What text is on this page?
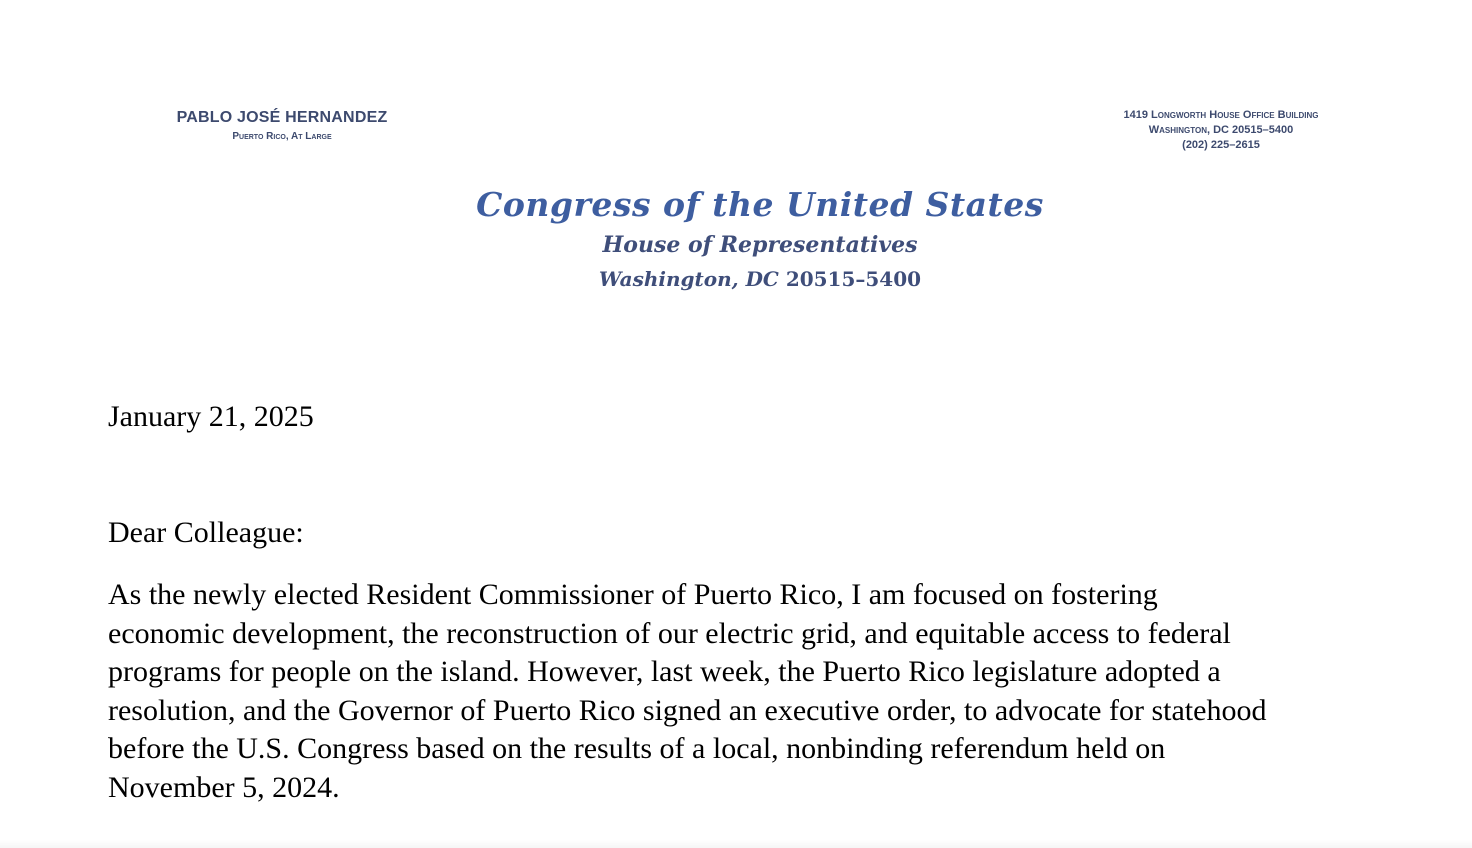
PABLO JOSÉ HERNANDEZ
Puerto Rico, At Large
1419 Longworth House Office Building
Washington, DC 20515–5400
(202) 225–2615
Congress of the United States
House of Representatives
Washington, DC 20515–5400
January 21, 2025
Dear Colleague:
As the newly elected Resident Commissioner of Puerto Rico, I am focused on fostering
economic development, the reconstruction of our electric grid, and equitable access to federal
programs for people on the island. However, last week, the Puerto Rico legislature adopted a
resolution, and the Governor of Puerto Rico signed an executive order, to advocate for statehood
before the U.S. Congress based on the results of a local, nonbinding referendum held on
November 5, 2024.
